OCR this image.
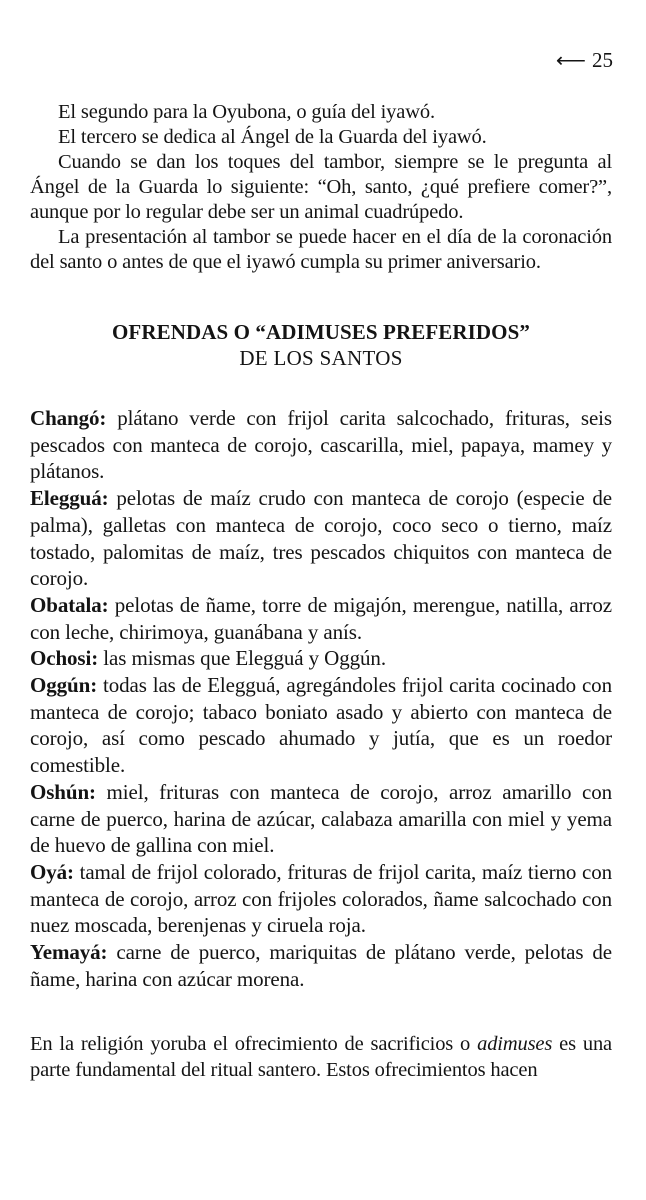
⟵ 25

El segundo para la Oyubona, o guía del iyawó.

El tercero se dedica al Ángel de la Guarda del iyawó.

Cuando se dan los toques del tambor, siempre se le pregunta al Ángel de la Guarda lo siguiente: “Oh, santo, ¿qué prefiere comer?”, aunque por lo regular debe ser un animal cuadrúpedo.

La presentación al tambor se puede hacer en el día de la coronación del santo o antes de que el iyawó cumpla su primer aniversario.

OFRENDAS O “ADIMUSES PREFERIDOS”
DE LOS SANTOS

Changó: plátano verde con frijol carita salcochado, frituras, seis pescados con manteca de corojo, cascarilla, miel, papaya, mamey y plátanos.

Elegguá: pelotas de maíz crudo con manteca de corojo (especie de palma), galletas con manteca de corojo, coco seco o tierno, maíz tostado, palomitas de maíz, tres pescados chiquitos con manteca de corojo.

Obatala: pelotas de ñame, torre de migajón, merengue, natilla, arroz con leche, chirimoya, guanábana y anís.

Ochosi: las mismas que Elegguá y Oggún.

Oggún: todas las de Elegguá, agregándoles frijol carita cocinado con manteca de corojo; tabaco boniato asado y abierto con manteca de corojo, así como pescado ahumado y jutía, que es un roedor comestible.

Oshún: miel, frituras con manteca de corojo, arroz amarillo con carne de puerco, harina de azúcar, calabaza amarilla con miel y yema de huevo de gallina con miel.

Oyá: tamal de frijol colorado, frituras de frijol carita, maíz tierno con manteca de corojo, arroz con frijoles colorados, ñame salcochado con nuez moscada, berenjenas y ciruela roja.

Yemayá: carne de puerco, mariquitas de plátano verde, pelotas de ñame, harina con azúcar morena.

En la religión yoruba el ofrecimiento de sacrificios o adimuses es una parte fundamental del ritual santero. Estos ofrecimientos hacen
